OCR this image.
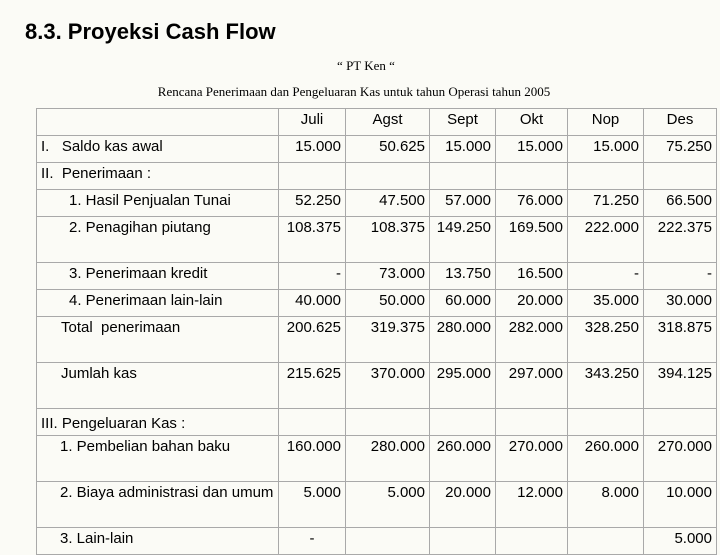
8.3. Proyeksi Cash Flow
“ PT Ken “
Rencana Penerimaan dan Pengeluaran Kas untuk tahun Operasi tahun 2005
	Juli	Agst	Sept	Okt	Nop	Des
I.   Saldo kas awal	15.000	50.625	15.000	15.000	15.000	75.250
II.  Penerimaan :						
1. Hasil Penjualan Tunai	52.250	47.500	57.000	76.000	71.250	66.500
2. Penagihan piutang	108.375	108.375	149.250	169.500	222.000	222.375
3. Penerimaan kredit	-	73.000	13.750	16.500	-	-
4. Penerimaan lain-lain	40.000	50.000	60.000	20.000	35.000	30.000
Total  penerimaan	200.625	319.375	280.000	282.000	328.250	318.875
Jumlah kas	215.625	370.000	295.000	297.000	343.250	394.125
III. Pengeluaran Kas :						
1. Pembelian bahan baku	160.000	280.000	260.000	270.000	260.000	270.000
2. Biaya administrasi dan umum	5.000	5.000	20.000	12.000	8.000	10.000
3. Lain-lain	-					5.000
